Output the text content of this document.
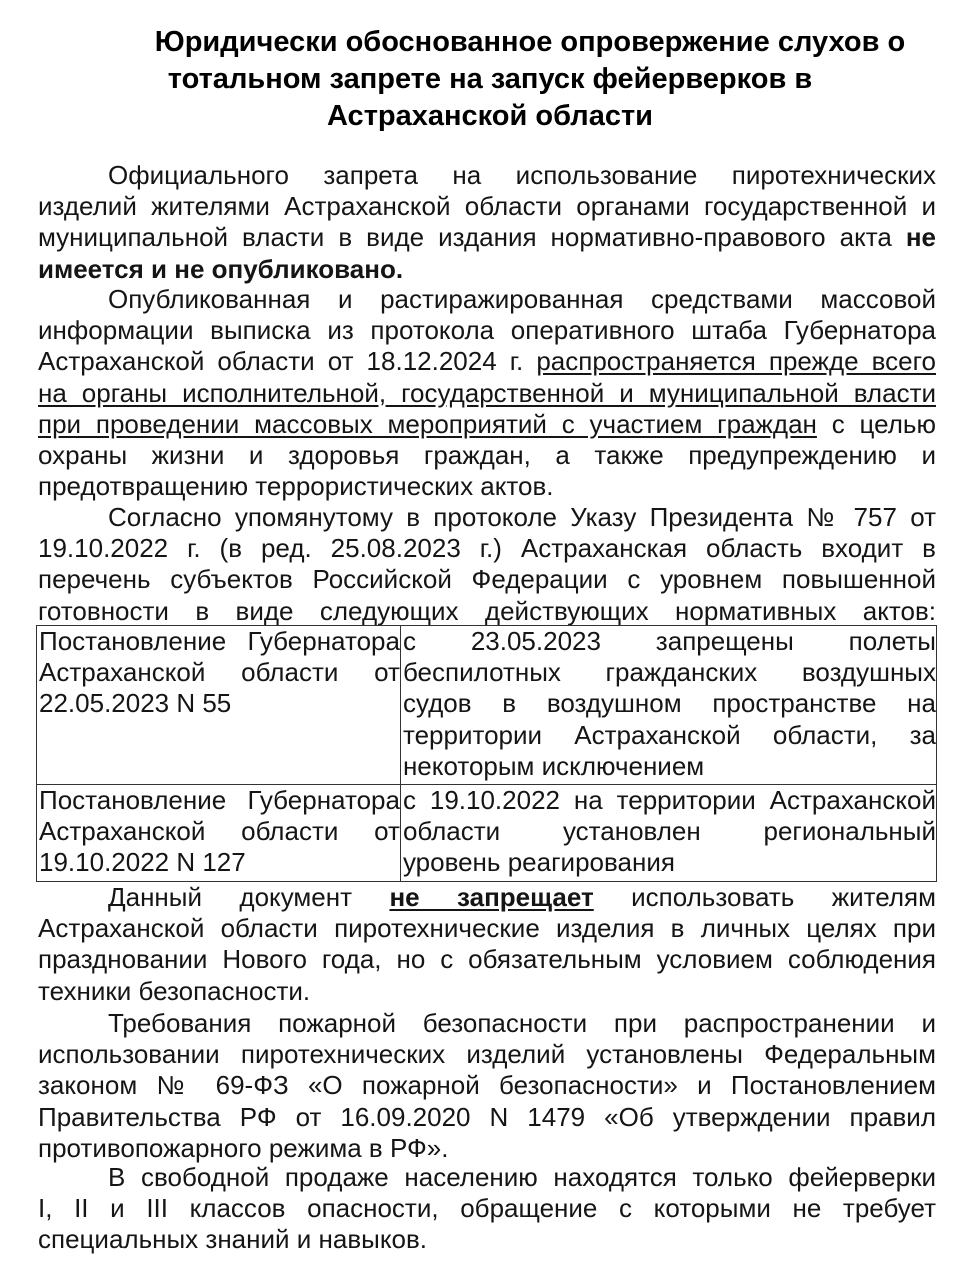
Юридически обоснованное опровержение слухов о
тотальном запрете на запуск фейерверков в
Астраханской области
Официального запрета на использование пиротехнических
изделий жителями Астраханской области органами государственной и
муниципальной власти в виде издания нормативно-правового акта не
имеется и не опубликовано.
Опубликованная и растиражированная средствами массовой
информации выписка из протокола оперативного штаба Губернатора
Астраханской области от 18.12.2024 г. распространяется прежде всего
на органы исполнительной, государственной и муниципальной власти
при проведении массовых мероприятий с участием граждан с целью
охраны жизни и здоровья граждан, а также предупреждению и
предотвращению террористических актов.
Согласно упомянутому в протоколе Указу Президента № 757 от
19.10.2022 г. (в ред. 25.08.2023 г.) Астраханская область входит в
перечень субъектов Российской Федерации с уровнем повышенной
готовности в виде следующих действующих нормативных актов:
Постановление Губернатора
Астраханской области от
22.05.2023 N 55	с 23.05.2023 запрещены полеты
беспилотных гражданских воздушных
судов в воздушном пространстве на
территории Астраханской области, за
некоторым исключением

Постановление Губернатора
Астраханской области от
19.10.2022 N 127	с 19.10.2022 на территории Астраханской
области установлен региональный
уровень реагирования
Данный документ не запрещает использовать жителям
Астраханской области пиротехнические изделия в личных целях при
праздновании Нового года, но с обязательным условием соблюдения
техники безопасности.
Требования пожарной безопасности при распространении и
использовании пиротехнических изделий установлены Федеральным
законом № 69-ФЗ «О пожарной безопасности» и Постановлением
Правительства РФ от 16.09.2020 N 1479 «Об утверждении правил
противопожарного режима в РФ».
В свободной продаже населению находятся только фейерверки
I, II и III классов опасности, обращение с которыми не требует
специальных знаний и навыков.
